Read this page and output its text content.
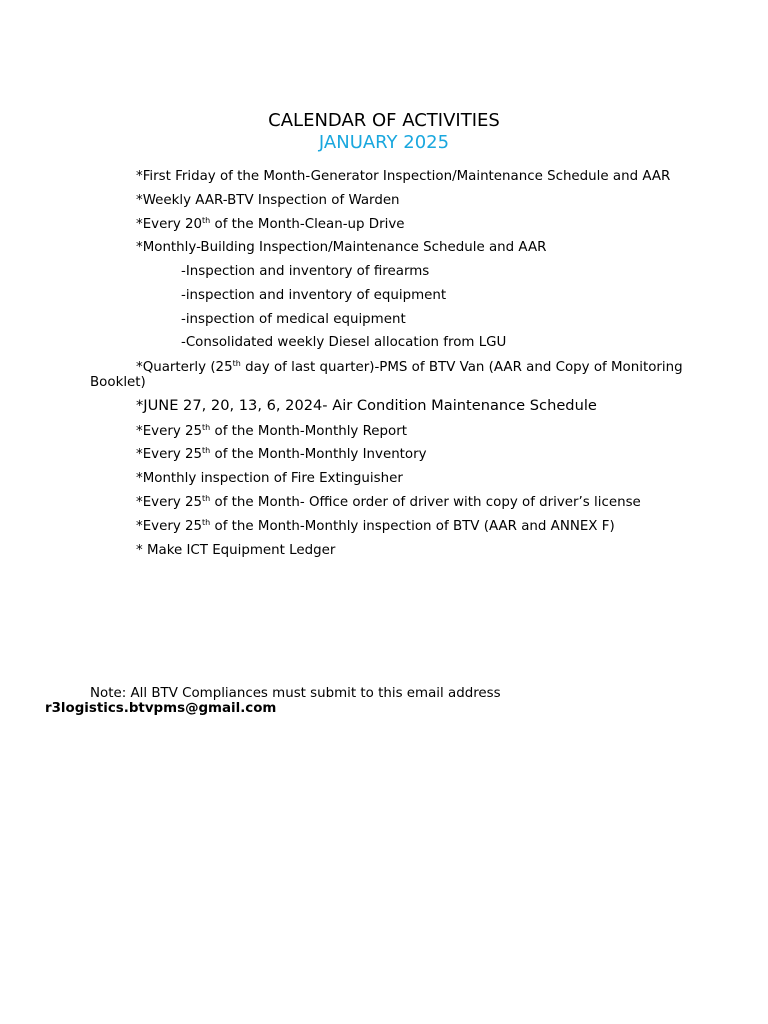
CALENDAR OF ACTIVITIES
JANUARY 2025
*First Friday of the Month-Generator Inspection/Maintenance Schedule and AAR
*Weekly AAR-BTV Inspection of Warden
*Every 20th of the Month-Clean-up Drive
*Monthly-Building Inspection/Maintenance Schedule and AAR
-Inspection and inventory of firearms
-inspection and inventory of equipment
-inspection of medical equipment
-Consolidated weekly Diesel allocation from LGU
*Quarterly (25th day of last quarter)-PMS of BTV Van (AAR and Copy of Monitoring
Booklet)
*JUNE 27, 20, 13, 6, 2024- Air Condition Maintenance Schedule
*Every 25th of the Month-Monthly Report
*Every 25th of the Month-Monthly Inventory
*Monthly inspection of Fire Extinguisher
*Every 25th of the Month- Office order of driver with copy of driver’s license
*Every 25th of the Month-Monthly inspection of BTV (AAR and ANNEX F)
* Make ICT Equipment Ledger
Note: All BTV Compliances must submit to this email address
r3logistics.btvpms@gmail.com
